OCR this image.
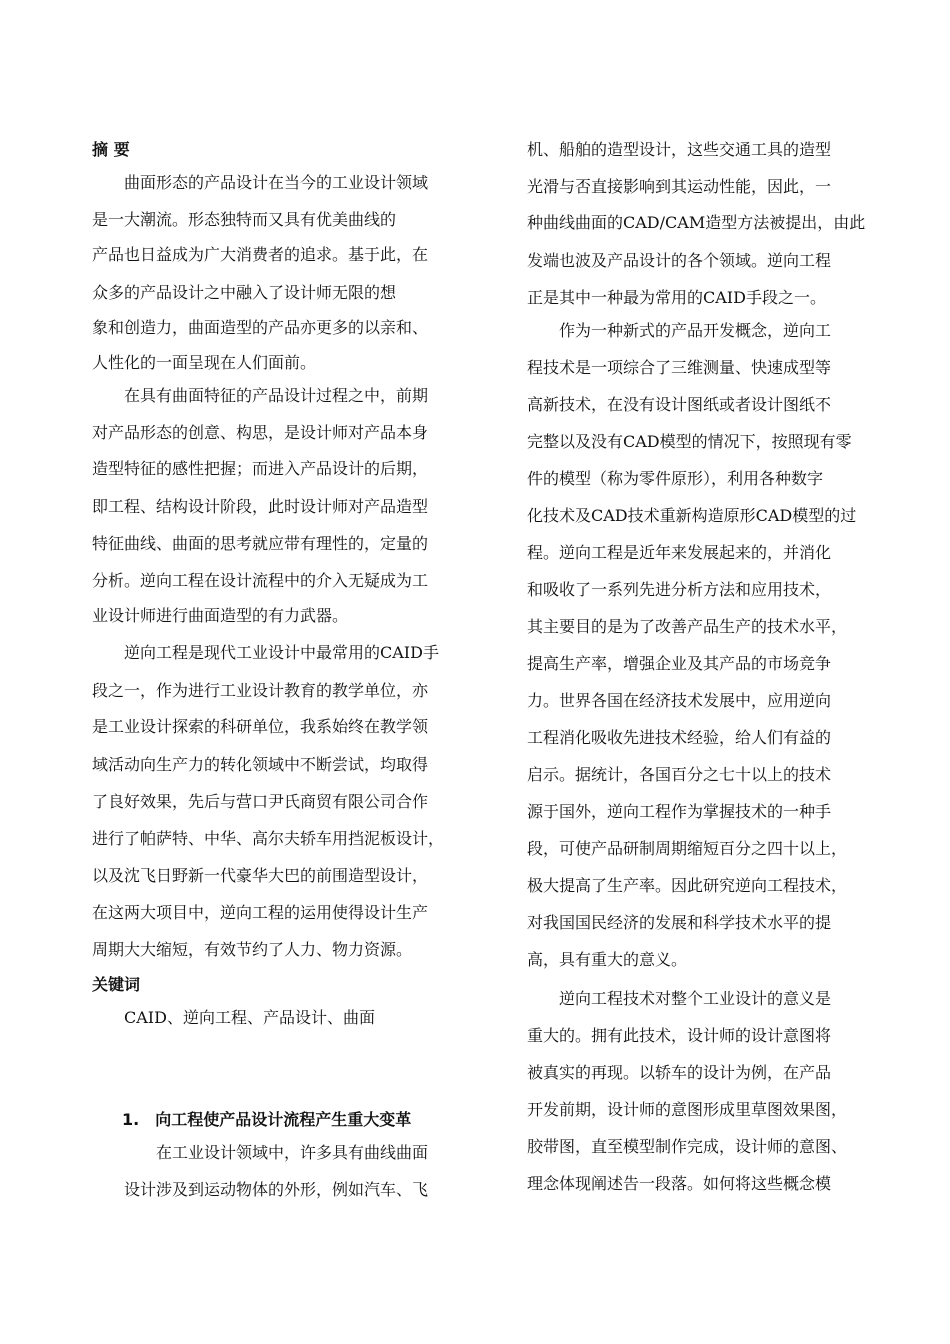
摘 要
曲面形态的产品设计在当今的工业设计领域
是一大潮流。形态独特而又具有优美曲线的
产品也日益成为广大消费者的追求。基于此，在
众多的产品设计之中融入了设计师无限的想
象和创造力，曲面造型的产品亦更多的以亲和、
人性化的一面呈现在人们面前。
在具有曲面特征的产品设计过程之中，前期
对产品形态的创意、构思，是设计师对产品本身
造型特征的感性把握；而进入产品设计的后期，
即工程、结构设计阶段，此时设计师对产品造型
特征曲线、曲面的思考就应带有理性的，定量的
分析。逆向工程在设计流程中的介入无疑成为工
业设计师进行曲面造型的有力武器。
逆向工程是现代工业设计中最常用的CAID手
段之一，作为进行工业设计教育的教学单位，亦
是工业设计探索的科研单位，我系始终在教学领
域活动向生产力的转化领域中不断尝试，均取得
了良好效果，先后与营口尹氏商贸有限公司合作
进行了帕萨特、中华、高尔夫轿车用挡泥板设计，
以及沈飞日野新一代豪华大巴的前围造型设计，
在这两大项目中，逆向工程的运用使得设计生产
周期大大缩短，有效节约了人力、物力资源。
关键词
CAID、逆向工程、产品设计、曲面
1.　向工程使产品设计流程产生重大变革
在工业设计领域中，许多具有曲线曲面
设计涉及到运动物体的外形，例如汽车、飞
机、船舶的造型设计，这些交通工具的造型
光滑与否直接影响到其运动性能，因此，一
种曲线曲面的CAD/CAM造型方法被提出，由此
发端也波及产品设计的各个领域。逆向工程
正是其中一种最为常用的CAID手段之一。
作为一种新式的产品开发概念，逆向工
程技术是一项综合了三维测量、快速成型等
高新技术，在没有设计图纸或者设计图纸不
完整以及没有CAD模型的情况下，按照现有零
件的模型（称为零件原形），利用各种数字
化技术及CAD技术重新构造原形CAD模型的过
程。逆向工程是近年来发展起来的，并消化
和吸收了一系列先进分析方法和应用技术，
其主要目的是为了改善产品生产的技术水平，
提高生产率，增强企业及其产品的市场竞争
力。世界各国在经济技术发展中，应用逆向
工程消化吸收先进技术经验，给人们有益的
启示。据统计，各国百分之七十以上的技术
源于国外，逆向工程作为掌握技术的一种手
段，可使产品研制周期缩短百分之四十以上，
极大提高了生产率。因此研究逆向工程技术，
对我国国民经济的发展和科学技术水平的提
高，具有重大的意义。
逆向工程技术对整个工业设计的意义是
重大的。拥有此技术，设计师的设计意图将
被真实的再现。以轿车的设计为例，在产品
开发前期，设计师的意图形成里草图效果图，
胶带图，直至模型制作完成，设计师的意图、
理念体现阐述告一段落。如何将这些概念模
